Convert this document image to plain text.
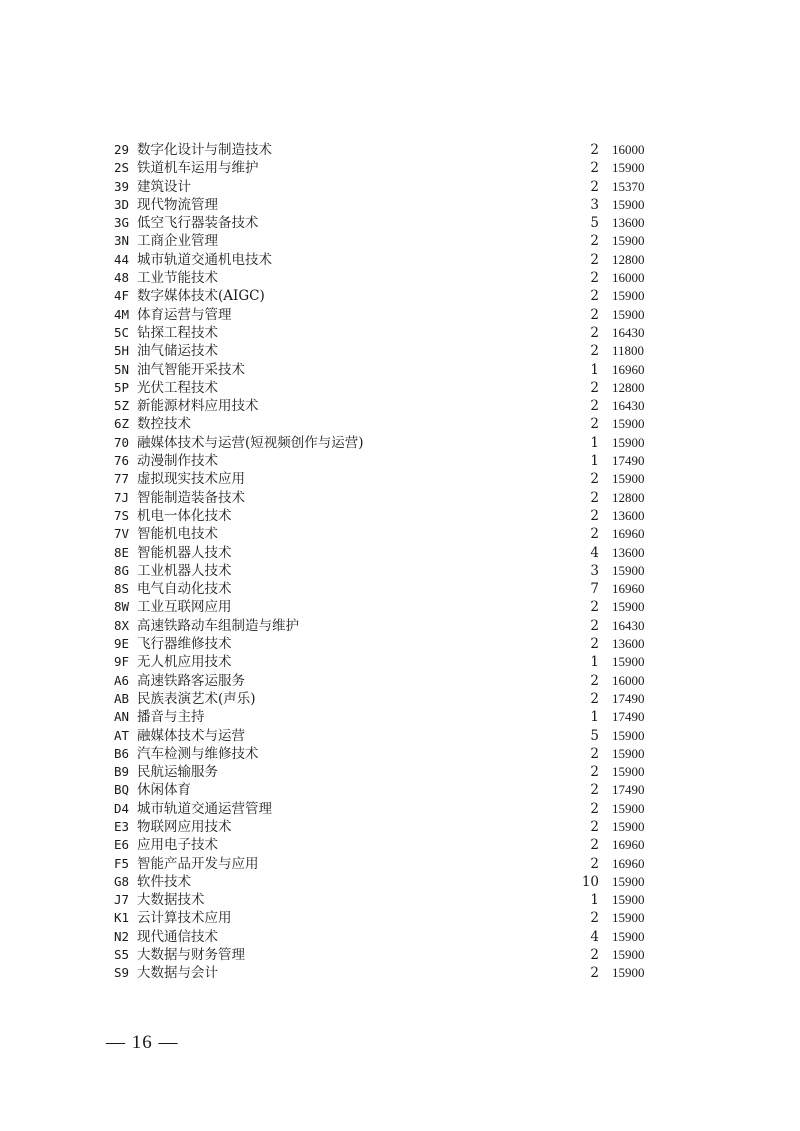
29 数字化设计与制造技术	2 16000
2S 铁道机车运用与维护	2 15900
39 建筑设计	2 15370
3D 现代物流管理	3 15900
3G 低空飞行器装备技术	5 13600
3N 工商企业管理	2 15900
44 城市轨道交通机电技术	2 12800
48 工业节能技术	2 16000
4F 数字媒体技术(AIGC)	2 15900
4M 体育运营与管理	2 15900
5C 钻探工程技术	2 16430
5H 油气储运技术	2 11800
5N 油气智能开采技术	1 16960
5P 光伏工程技术	2 12800
5Z 新能源材料应用技术	2 16430
6Z 数控技术	2 15900
70 融媒体技术与运营(短视频创作与运营)	1 15900
76 动漫制作技术	1 17490
77 虚拟现实技术应用	2 15900
7J 智能制造装备技术	2 12800
7S 机电一体化技术	2 13600
7V 智能机电技术	2 16960
8E 智能机器人技术	4 13600
8G 工业机器人技术	3 15900
8S 电气自动化技术	7 16960
8W 工业互联网应用	2 15900
8X 高速铁路动车组制造与维护	2 16430
9E 飞行器维修技术	2 13600
9F 无人机应用技术	1 15900
A6 高速铁路客运服务	2 16000
AB 民族表演艺术(声乐)	2 17490
AN 播音与主持	1 17490
AT 融媒体技术与运营	5 15900
B6 汽车检测与维修技术	2 15900
B9 民航运输服务	2 15900
BQ 休闲体育	2 17490
D4 城市轨道交通运营管理	2 15900
E3 物联网应用技术	2 15900
E6 应用电子技术	2 16960
F5 智能产品开发与应用	2 16960
G8 软件技术	10 15900
J7 大数据技术	1 15900
K1 云计算技术应用	2 15900
N2 现代通信技术	4 15900
S5 大数据与财务管理	2 15900
S9 大数据与会计	2 15900
— 16 —
